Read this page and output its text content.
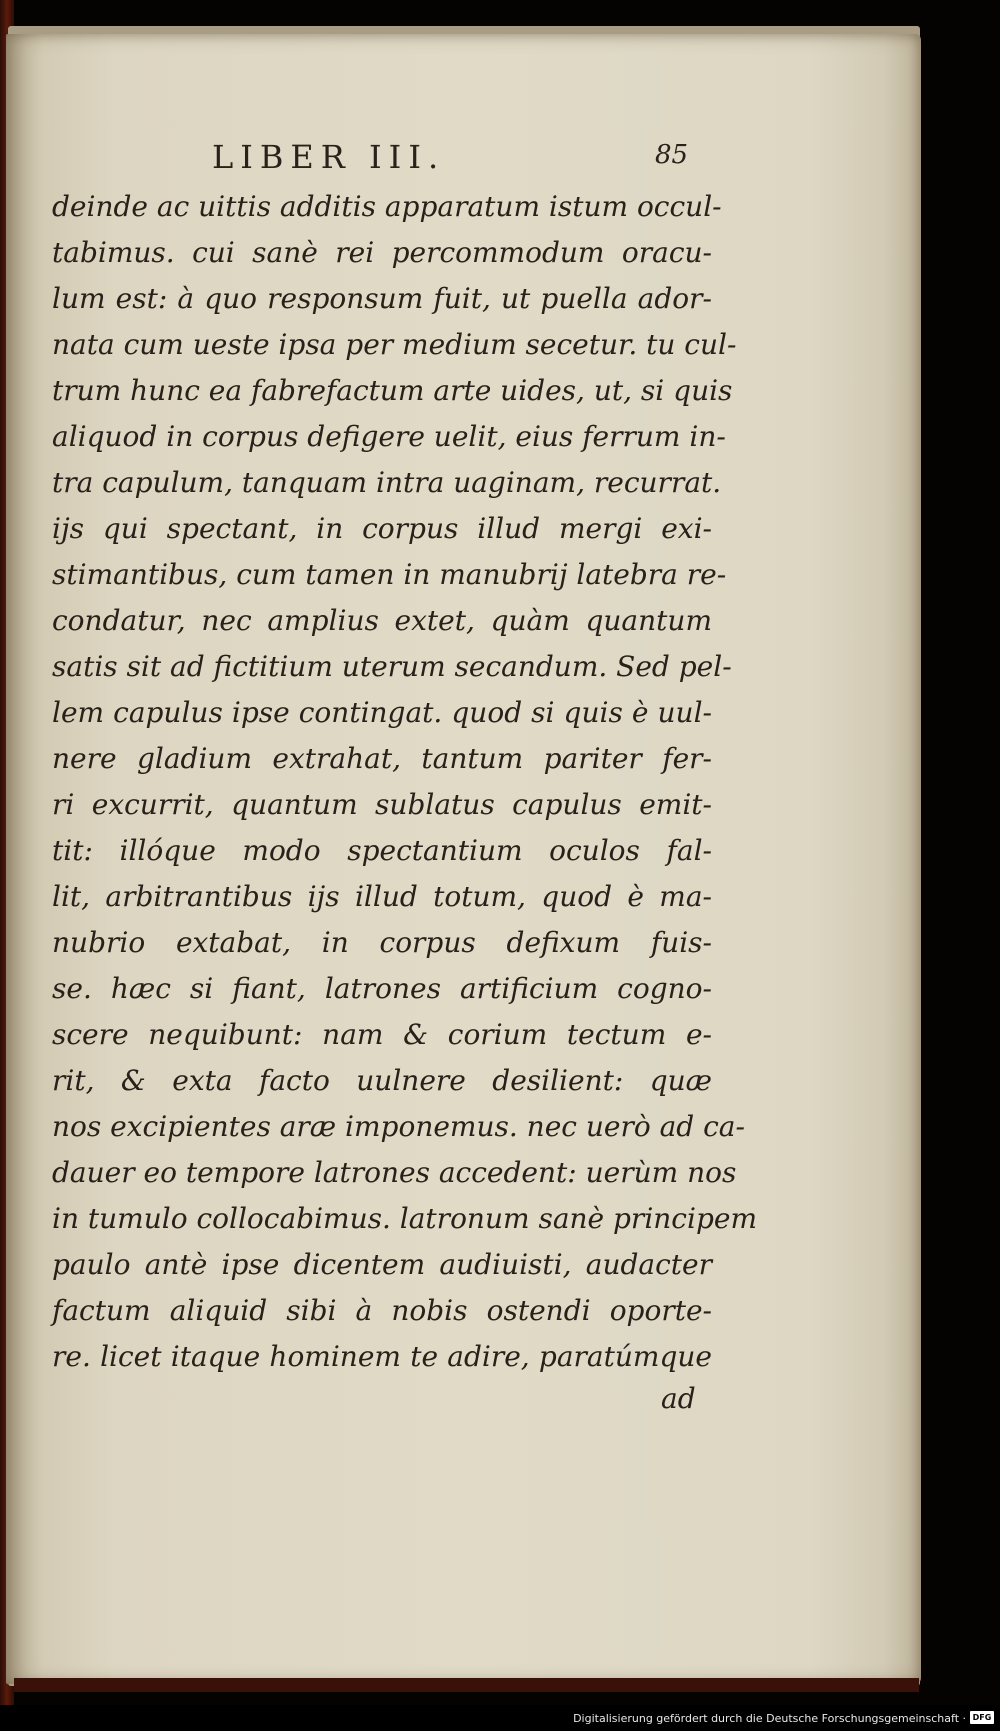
LIBER III.	85
deinde ac uittis additis apparatum istum occul-
tabimus. cui sanè rei percommodum oracu-
lum est: à quo responsum fuit, ut puella ador-
nata cum ueste ipsa per medium secetur. tu cul-
trum hunc ea fabrefactum arte uides, ut, si quis
aliquod in corpus defigere uelit, eius ferrum in-
tra capulum, tanquam intra uaginam, recurrat.
ijs qui spectant, in corpus illud mergi exi-
stimantibus, cum tamen in manubrij latebra re-
condatur, nec amplius extet, quàm quantum
satis sit ad fictitium uterum secandum. Sed pel-
lem capulus ipse contingat. quod si quis è uul-
nere gladium extrahat, tantum pariter fer-
ri excurrit, quantum sublatus capulus emit-
tit: illóque modo spectantium oculos fal-
lit, arbitrantibus ijs illud totum, quod è ma-
nubrio extabat, in corpus defixum fuis-
se. hæc si fiant, latrones artificium cogno-
scere nequibunt: nam & corium tectum e-
rit, & exta facto uulnere desilient: quæ
nos excipientes aræ imponemus. nec uerò ad ca-
dauer eo tempore latrones accedent: uerùm nos
in tumulo collocabimus. latronum sanè principem
paulo antè ipse dicentem audiuisti, audacter
factum aliquid sibi à nobis ostendi oporte-
re. licet itaque hominem te adire, paratúmque
ad
Digitalisierung gefördert durch die Deutsche Forschungsgemeinschaft · DFG
